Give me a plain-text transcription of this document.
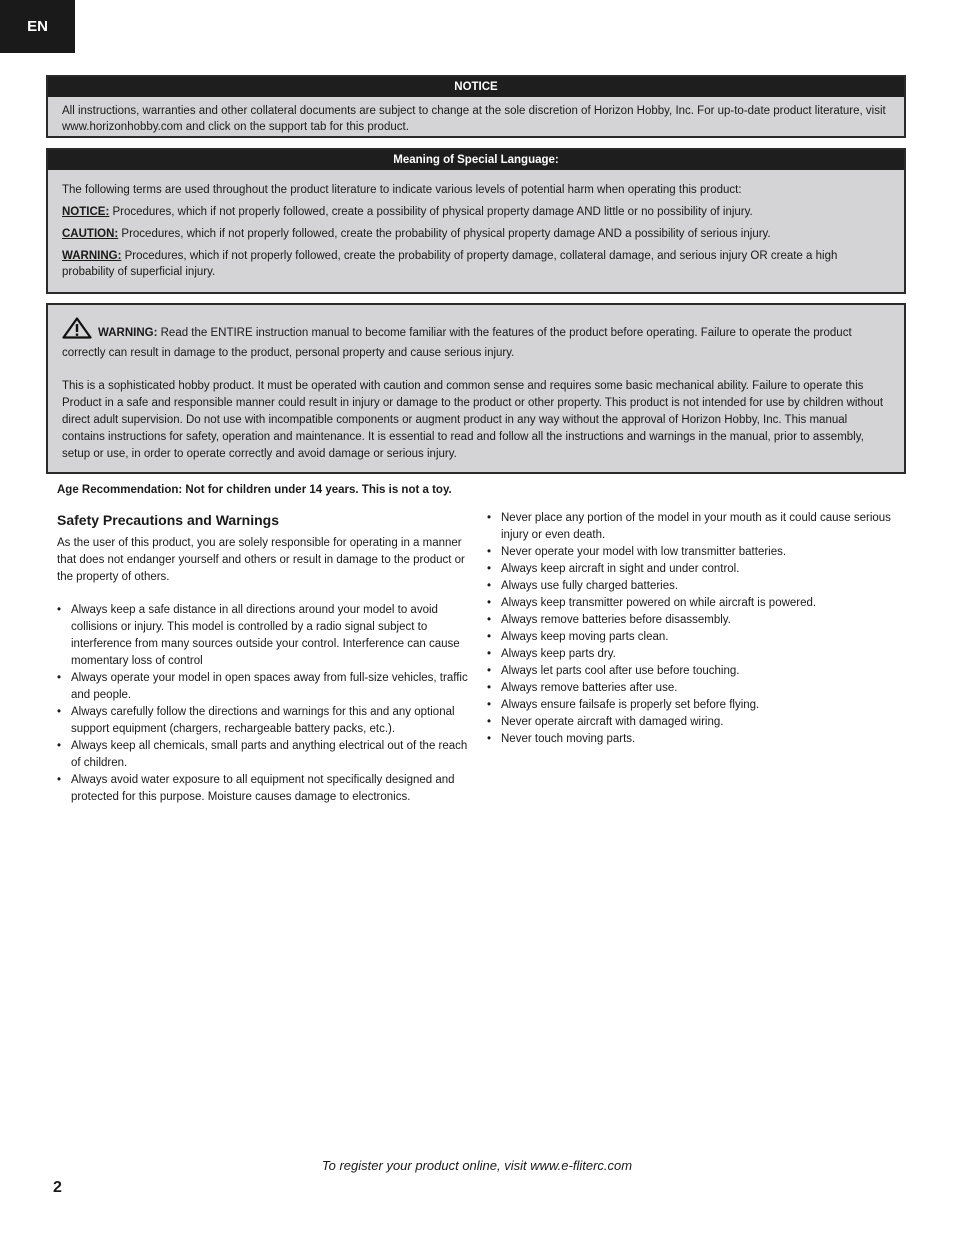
EN
NOTICE

All instructions, warranties and other collateral documents are subject to change at the sole discretion of Horizon Hobby, Inc. For up-to-date product literature, visit www.horizonhobby.com and click on the support tab for this product.

Meaning of Special Language:

The following terms are used throughout the product literature to indicate various levels of potential harm when operating this product:

NOTICE: Procedures, which if not properly followed, create a possibility of physical property damage AND little or no possibility of injury.

CAUTION: Procedures, which if not properly followed, create the probability of physical property damage AND a possibility of serious injury.

WARNING: Procedures, which if not properly followed, create the probability of property damage, collateral damage, and serious injury OR create a high probability of superficial injury.

WARNING: Read the ENTIRE instruction manual to become familiar with the features of the product before operating. Failure to operate the product correctly can result in damage to the product, personal property and cause serious injury.

This is a sophisticated hobby product. It must be operated with caution and common sense and requires some basic mechanical ability. Failure to operate this Product in a safe and responsible manner could result in injury or damage to the product or other property. This product is not intended for use by children without direct adult supervision. Do not use with incompatible components or augment product in any way without the approval of Horizon Hobby, Inc. This manual contains instructions for safety, operation and maintenance. It is essential to read and follow all the instructions and warnings in the manual, prior to assembly, setup or use, in order to operate correctly and avoid damage or serious injury.

Age Recommendation: Not for children under 14 years. This is not a toy.
Safety Precautions and Warnings

As the user of this product, you are solely responsible for operating in a manner that does not endanger yourself and others or result in damage to the product or the property of others.

• Always keep a safe distance in all directions around your model to avoid collisions or injury. This model is controlled by a radio signal subject to interference from many sources outside your control. Interference can cause momentary loss of control
• Always operate your model in open spaces away from full-size vehicles, traffic and people.
• Always carefully follow the directions and warnings for this and any optional support equipment (chargers, rechargeable battery packs, etc.).
• Always keep all chemicals, small parts and anything electrical out of the reach of children.
• Always avoid water exposure to all equipment not specifically designed and protected for this purpose. Moisture causes damage to electronics.
• Never place any portion of the model in your mouth as it could cause serious injury or even death.
• Never operate your model with low transmitter batteries.
• Always keep aircraft in sight and under control.
• Always use fully charged batteries.
• Always keep transmitter powered on while aircraft is powered.
• Always remove batteries before disassembly.
• Always keep moving parts clean.
• Always keep parts dry.
• Always let parts cool after use before touching.
• Always remove batteries after use.
• Always ensure failsafe is properly set before flying.
• Never operate aircraft with damaged wiring.
• Never touch moving parts.
To register your product online, visit www.e-fliterc.com
2
